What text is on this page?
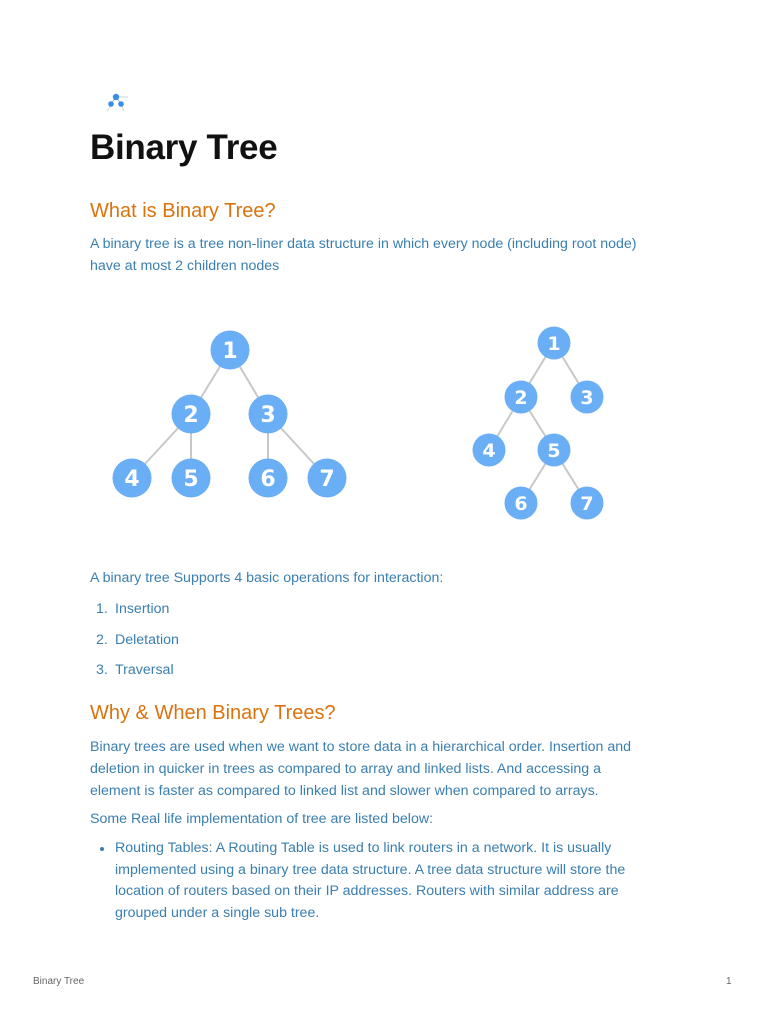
Binary Tree
What is Binary Tree?

A binary tree is a tree non-liner data structure in which every node (including root node)
have at most 2 children nodes

1
2	3
4 5	6 7
1
2	3
4	5
6	7

A binary tree Supports 4 basic operations for interaction:

1. Insertion
2. Deletation
3. Traversal
Why & When Binary Trees?

Binary trees are used when we want to store data in a hierarchical order. Insertion and
deletion in quicker in trees as compared to array and linked lists. And accessing a
element is faster as compared to linked list and slower when compared to arrays.

Some Real life implementation of tree are listed below:

Routing Tables: A Routing Table is used to link routers in a network. It is usually
implemented using a binary tree data structure. A tree data structure will store the
location of routers based on their IP addresses. Routers with similar address are
grouped under a single sub tree.
Binary Tree	1
